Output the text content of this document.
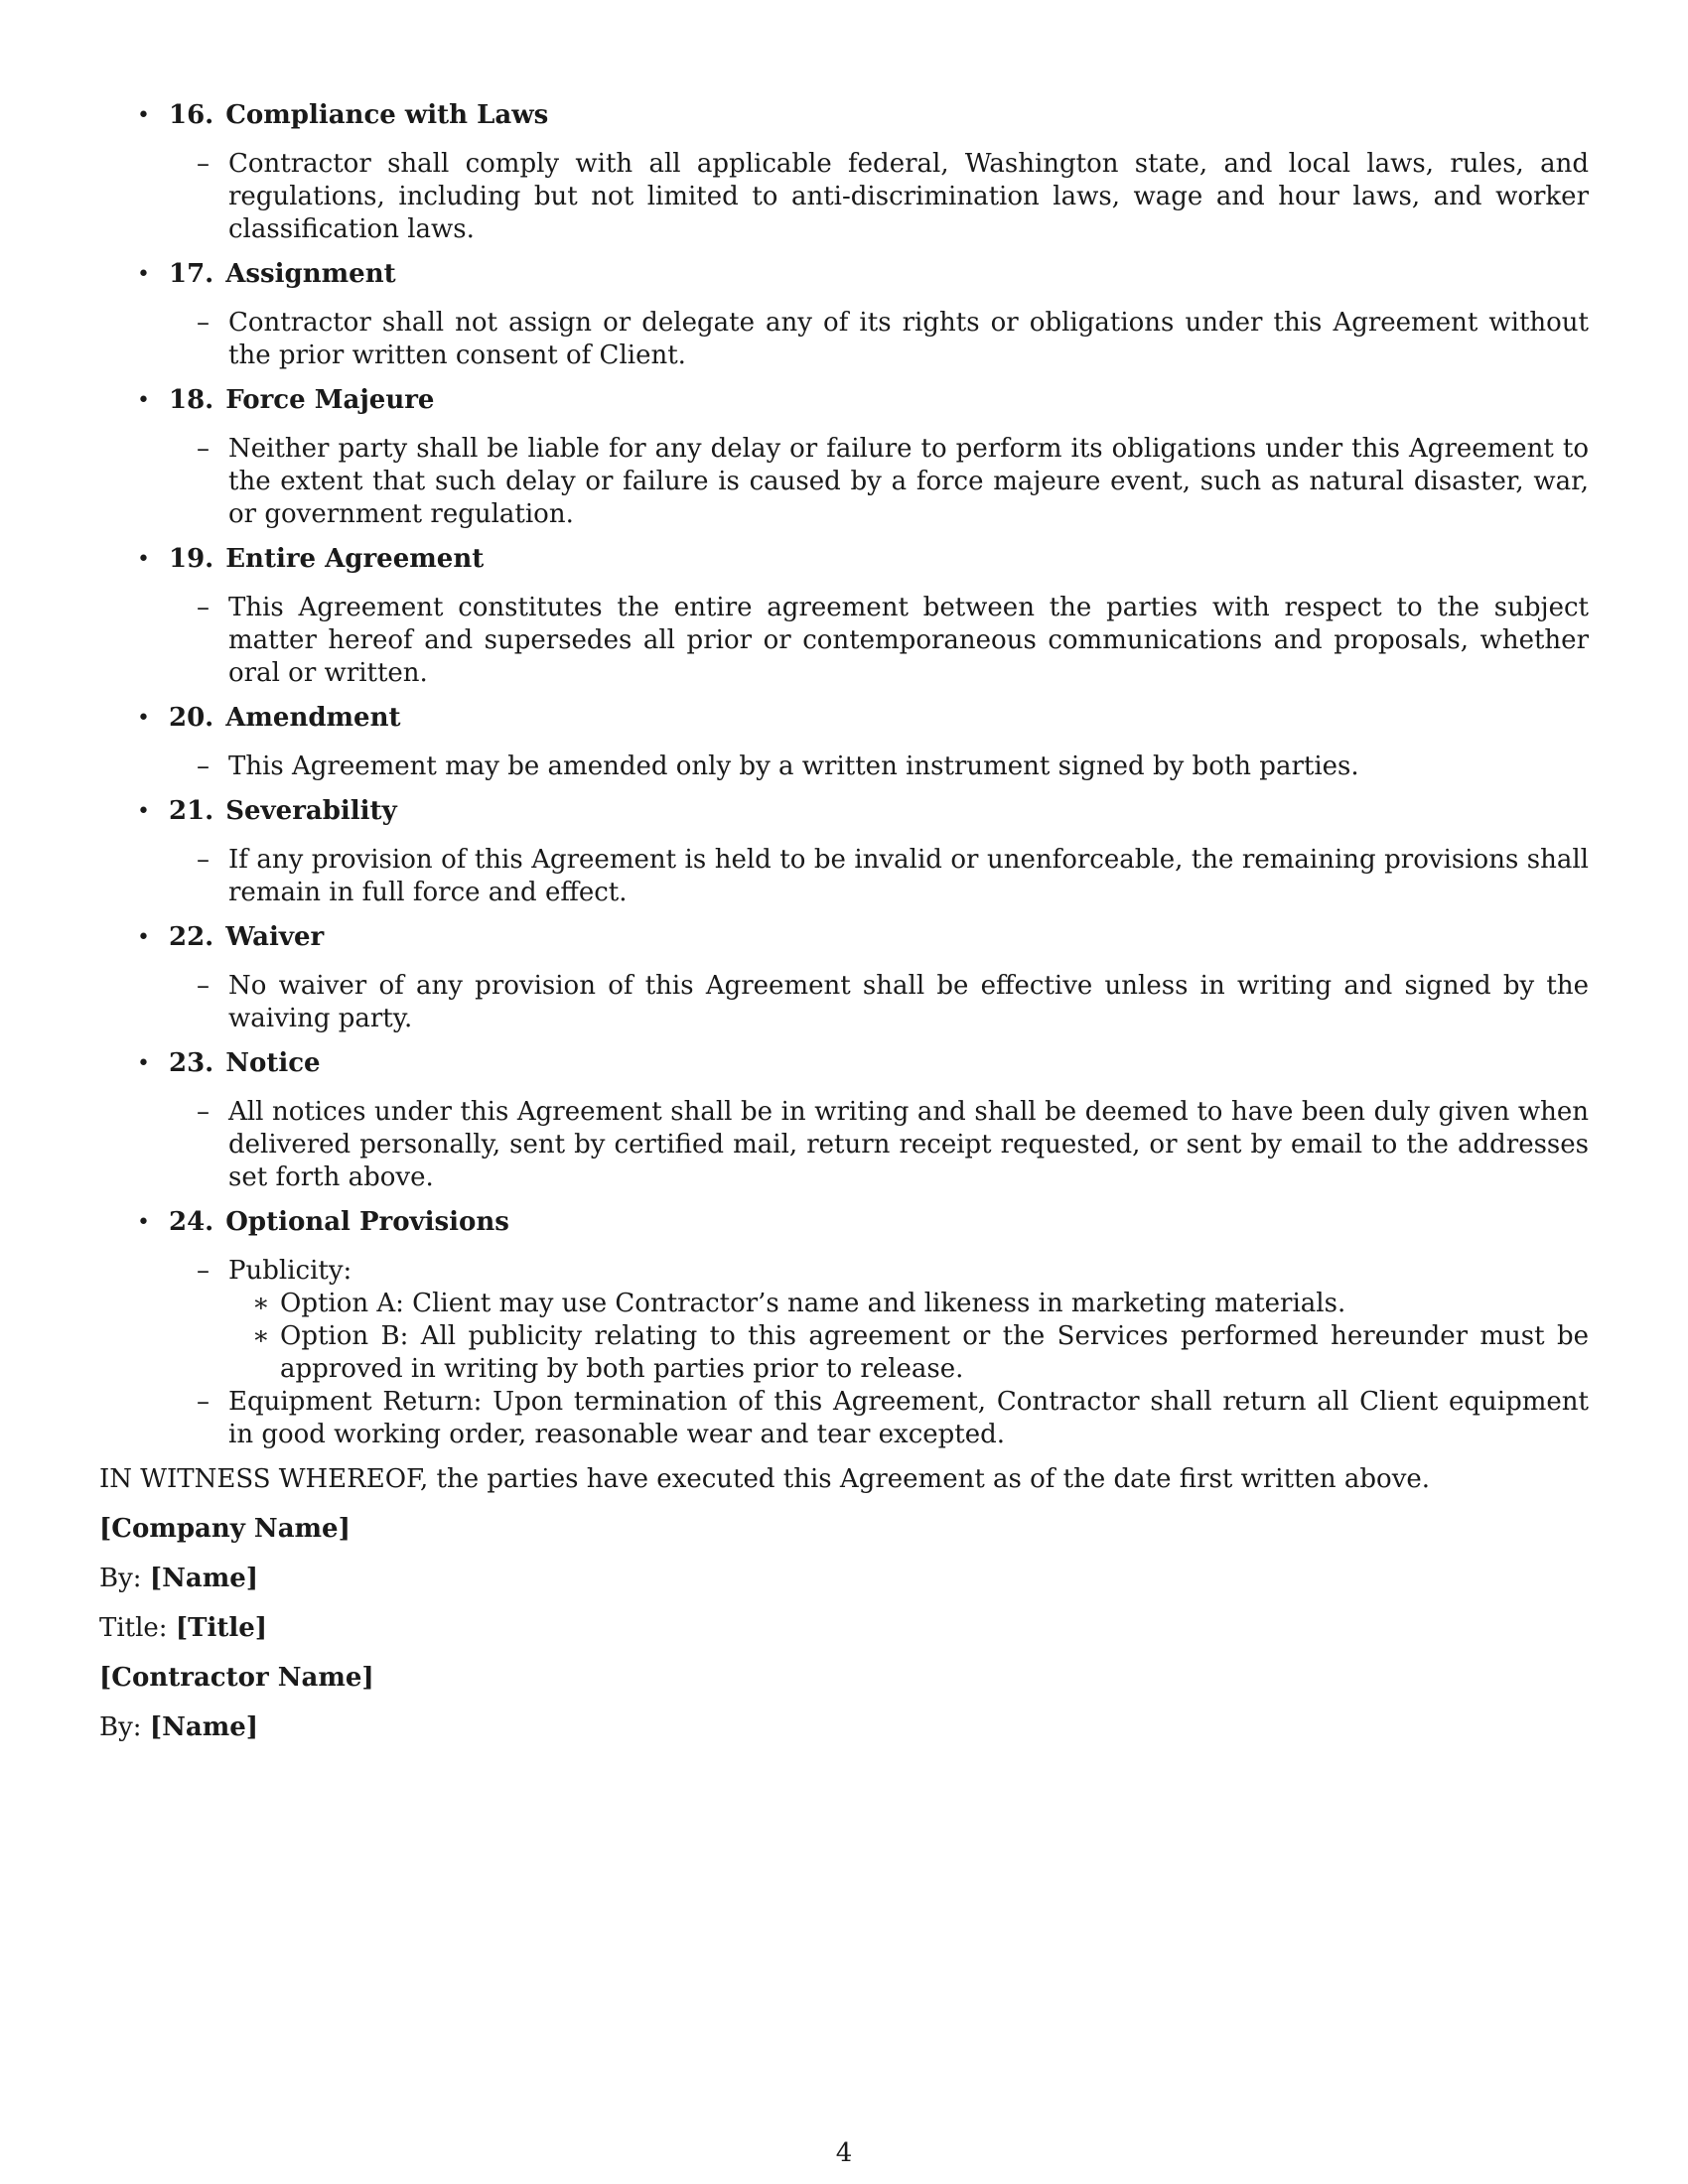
• 16. Compliance with Laws
– Contractor shall comply with all applicable federal, Washington state, and local laws, rules, and regulations, including but not limited to anti-discrimination laws, wage and hour laws, and worker classification laws.
• 17. Assignment
– Contractor shall not assign or delegate any of its rights or obligations under this Agreement without the prior written consent of Client.
• 18. Force Majeure
– Neither party shall be liable for any delay or failure to perform its obligations under this Agreement to the extent that such delay or failure is caused by a force majeure event, such as natural disaster, war, or government regulation.
• 19. Entire Agreement
– This Agreement constitutes the entire agreement between the parties with respect to the subject matter hereof and supersedes all prior or contemporaneous communications and proposals, whether oral or written.
• 20. Amendment
– This Agreement may be amended only by a written instrument signed by both parties.
• 21. Severability
– If any provision of this Agreement is held to be invalid or unenforceable, the remaining provisions shall remain in full force and effect.
• 22. Waiver
– No waiver of any provision of this Agreement shall be effective unless in writing and signed by the waiving party.
• 23. Notice
– All notices under this Agreement shall be in writing and shall be deemed to have been duly given when delivered personally, sent by certified mail, return receipt requested, or sent by email to the addresses set forth above.
• 24. Optional Provisions
– Publicity:
∗ Option A: Client may use Contractor’s name and likeness in marketing materials.
∗ Option B: All publicity relating to this agreement or the Services performed hereunder must be approved in writing by both parties prior to release.
– Equipment Return: Upon termination of this Agreement, Contractor shall return all Client equipment in good working order, reasonable wear and tear excepted.

IN WITNESS WHEREOF, the parties have executed this Agreement as of the date first written above.

[Company Name]

By: [Name]

Title: [Title]

[Contractor Name]

By: [Name]

4
